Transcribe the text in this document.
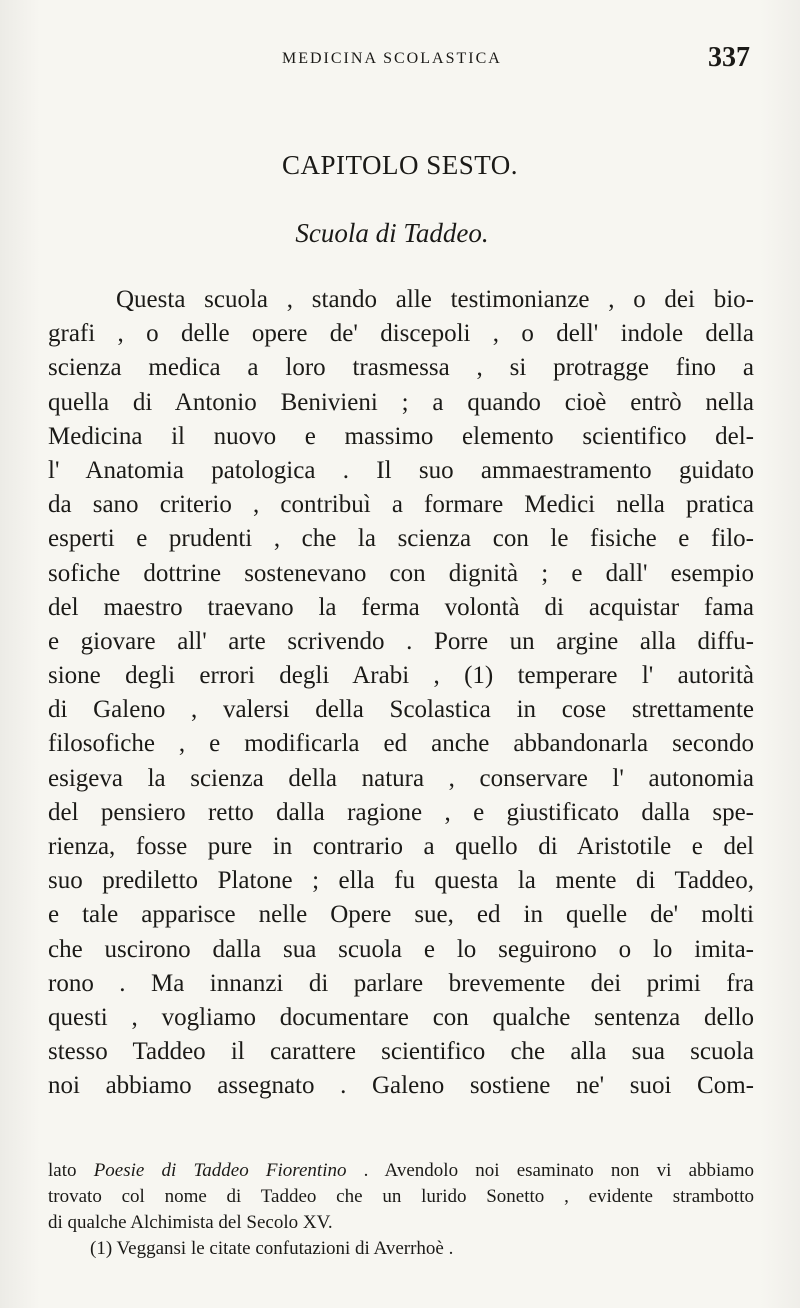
MEDICINA SCOLASTICA	337
CAPITOLO SESTO.
Scuola di Taddeo.
Questa scuola , stando alle testimonianze , o dei bio-
grafi , o delle opere de' discepoli , o dell' indole della
scienza medica a loro trasmessa , si protragge fino a
quella di Antonio Benivieni ; a quando cioè entrò nella
Medicina il nuovo e massimo elemento scientifico del-
l' Anatomia patologica . Il suo ammaestramento guidato
da sano criterio , contribuì a formare Medici nella pratica
esperti e prudenti , che la scienza con le fisiche e filo-
sofiche dottrine sostenevano con dignità ; e dall' esempio
del maestro traevano la ferma volontà di acquistar fama
e giovare all' arte scrivendo . Porre un argine alla diffu-
sione degli errori degli Arabi , (1) temperare l' autorità
di Galeno , valersi della Scolastica in cose strettamente
filosofiche , e modificarla ed anche abbandonarla secondo
esigeva la scienza della natura , conservare l' autonomia
del pensiero retto dalla ragione , e giustificato dalla spe-
rienza, fosse pure in contrario a quello di Aristotile e del
suo prediletto Platone ; ella fu questa la mente di Taddeo,
e tale apparisce nelle Opere sue, ed in quelle de' molti
che uscirono dalla sua scuola e lo seguirono o lo imita-
rono . Ma innanzi di parlare brevemente dei primi fra
questi , vogliamo documentare con qualche sentenza dello
stesso Taddeo il carattere scientifico che alla sua scuola
noi abbiamo assegnato . Galeno sostiene ne' suoi Com-
lato Poesie di Taddeo Fiorentino . Avendolo noi esaminato non vi abbiamo
trovato col nome di Taddeo che un lurido Sonetto , evidente strambotto
di qualche Alchimista del Secolo XV.
(1) Veggansi le citate confutazioni di Averrhoè .
